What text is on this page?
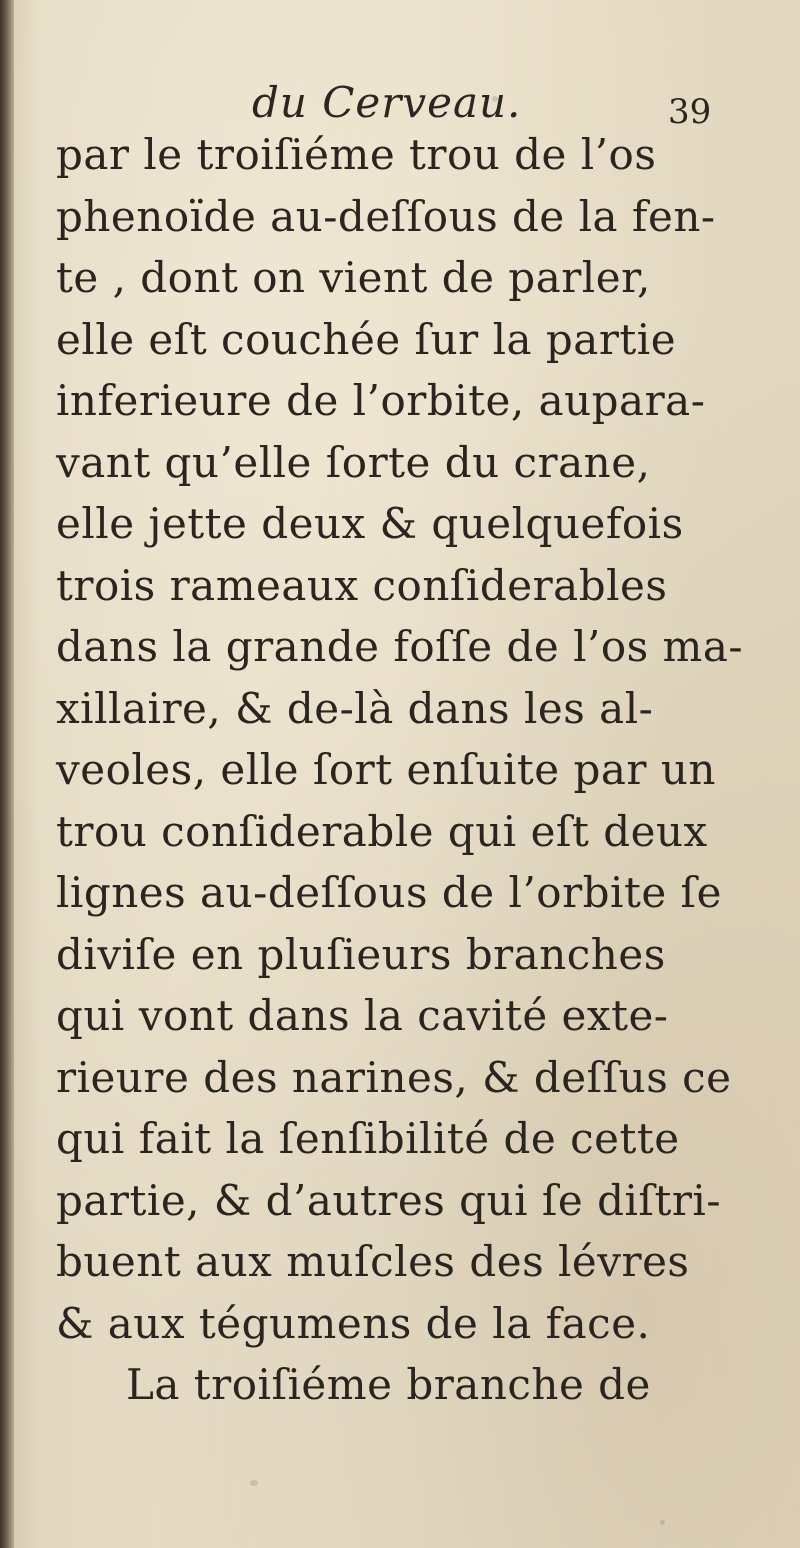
du Cerveau.	39
par le troiſiéme trou de l’os
phenoïde au-deſſous de la fen-
te , dont on vient de parler,
elle eſt couchée ſur la partie
inferieure de l’orbite, aupara-
vant qu’elle ſorte du crane,
elle jette deux & quelquefois
trois rameaux conſiderables
dans la grande foſſe de l’os ma-
xillaire, & de-là dans les al-
veoles, elle ſort enſuite par un
trou conſiderable qui eſt deux
lignes au-deſſous de l’orbite ſe
diviſe en pluſieurs branches
qui vont dans la cavité exte-
rieure des narines, & deſſus ce
qui fait la ſenſibilité de cette
partie, & d’autres qui ſe diſtri-
buent aux muſcles des lévres
& aux tégumens de la face.
La troiſiéme branche de
